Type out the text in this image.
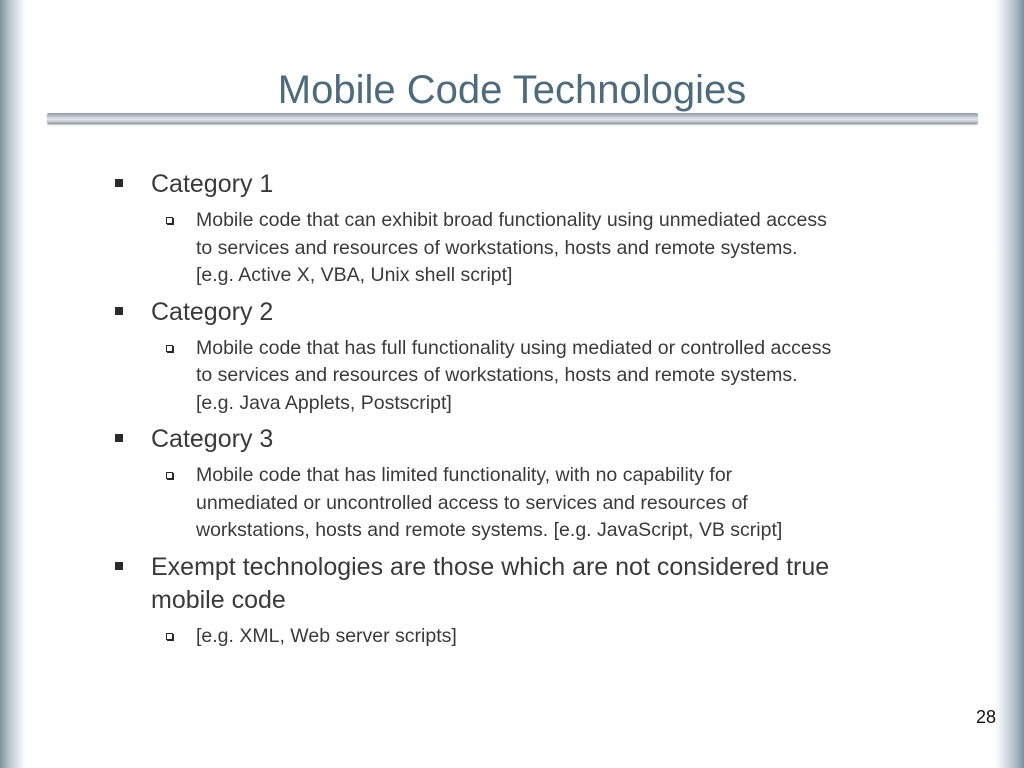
Mobile Code Technologies
Category 1
Mobile code that can exhibit broad functionality using unmediated access
to services and resources of workstations, hosts and remote systems.
[e.g. Active X, VBA, Unix shell script]
Category 2
Mobile code that has full functionality using mediated or controlled access
to services and resources of workstations, hosts and remote systems.
[e.g. Java Applets, Postscript]
Category 3
Mobile code that has limited functionality, with no capability for
unmediated or uncontrolled access to services and resources of
workstations, hosts and remote systems. [e.g. JavaScript, VB script]
Exempt technologies are those which are not considered true
mobile code
[e.g. XML, Web server scripts]
28
